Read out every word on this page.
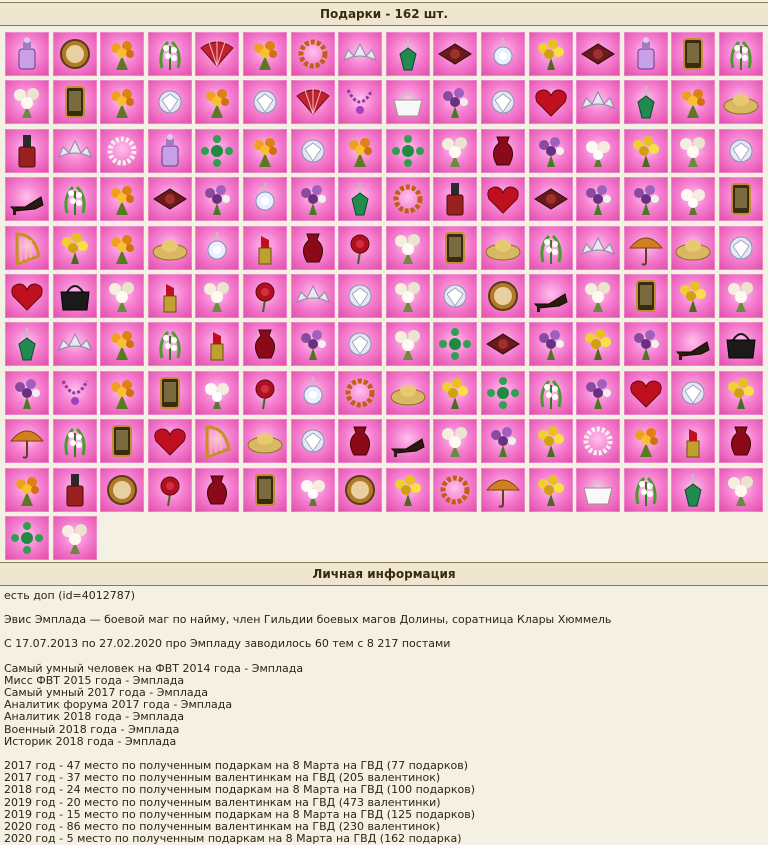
Подарки - 162 шт.
Личная информация

есть доп (id=4012787)

Эвис Эмплада — боевой маг по найму, член Гильдии боевых магов Долины, соратница Клары Хюммель

С 17.07.2013 по 27.02.2020 про Эмпладу заводилось 60 тем с 8 217 постами

Самый умный человек на ФВТ 2014 года - Эмплада

Мисс ФВТ 2015 года - Эмплада

Самый умный 2017 года - Эмплада

Аналитик форума 2017 года - Эмплада

Аналитик 2018 года - Эмплада

Военный 2018 года - Эмплада

Историк 2018 года - Эмплада

2017 год - 47 место по полученным подаркам на 8 Марта на ГВД (77 подарков)

2017 год - 37 место по полученным валентинкам на ГВД (205 валентинок)

2018 год - 24 место по полученным подаркам на 8 Марта на ГВД (100 подарков)

2019 год - 20 место по полученным валентинкам на ГВД (473 валентинки)

2019 год - 15 место по полученным подаркам на 8 Марта на ГВД (125 подарков)

2020 год - 86 место по полученным валентинкам на ГВД (230 валентинок)

2020 год - 5 место по полученным подаркам на 8 Марта на ГВД (162 подарка)
